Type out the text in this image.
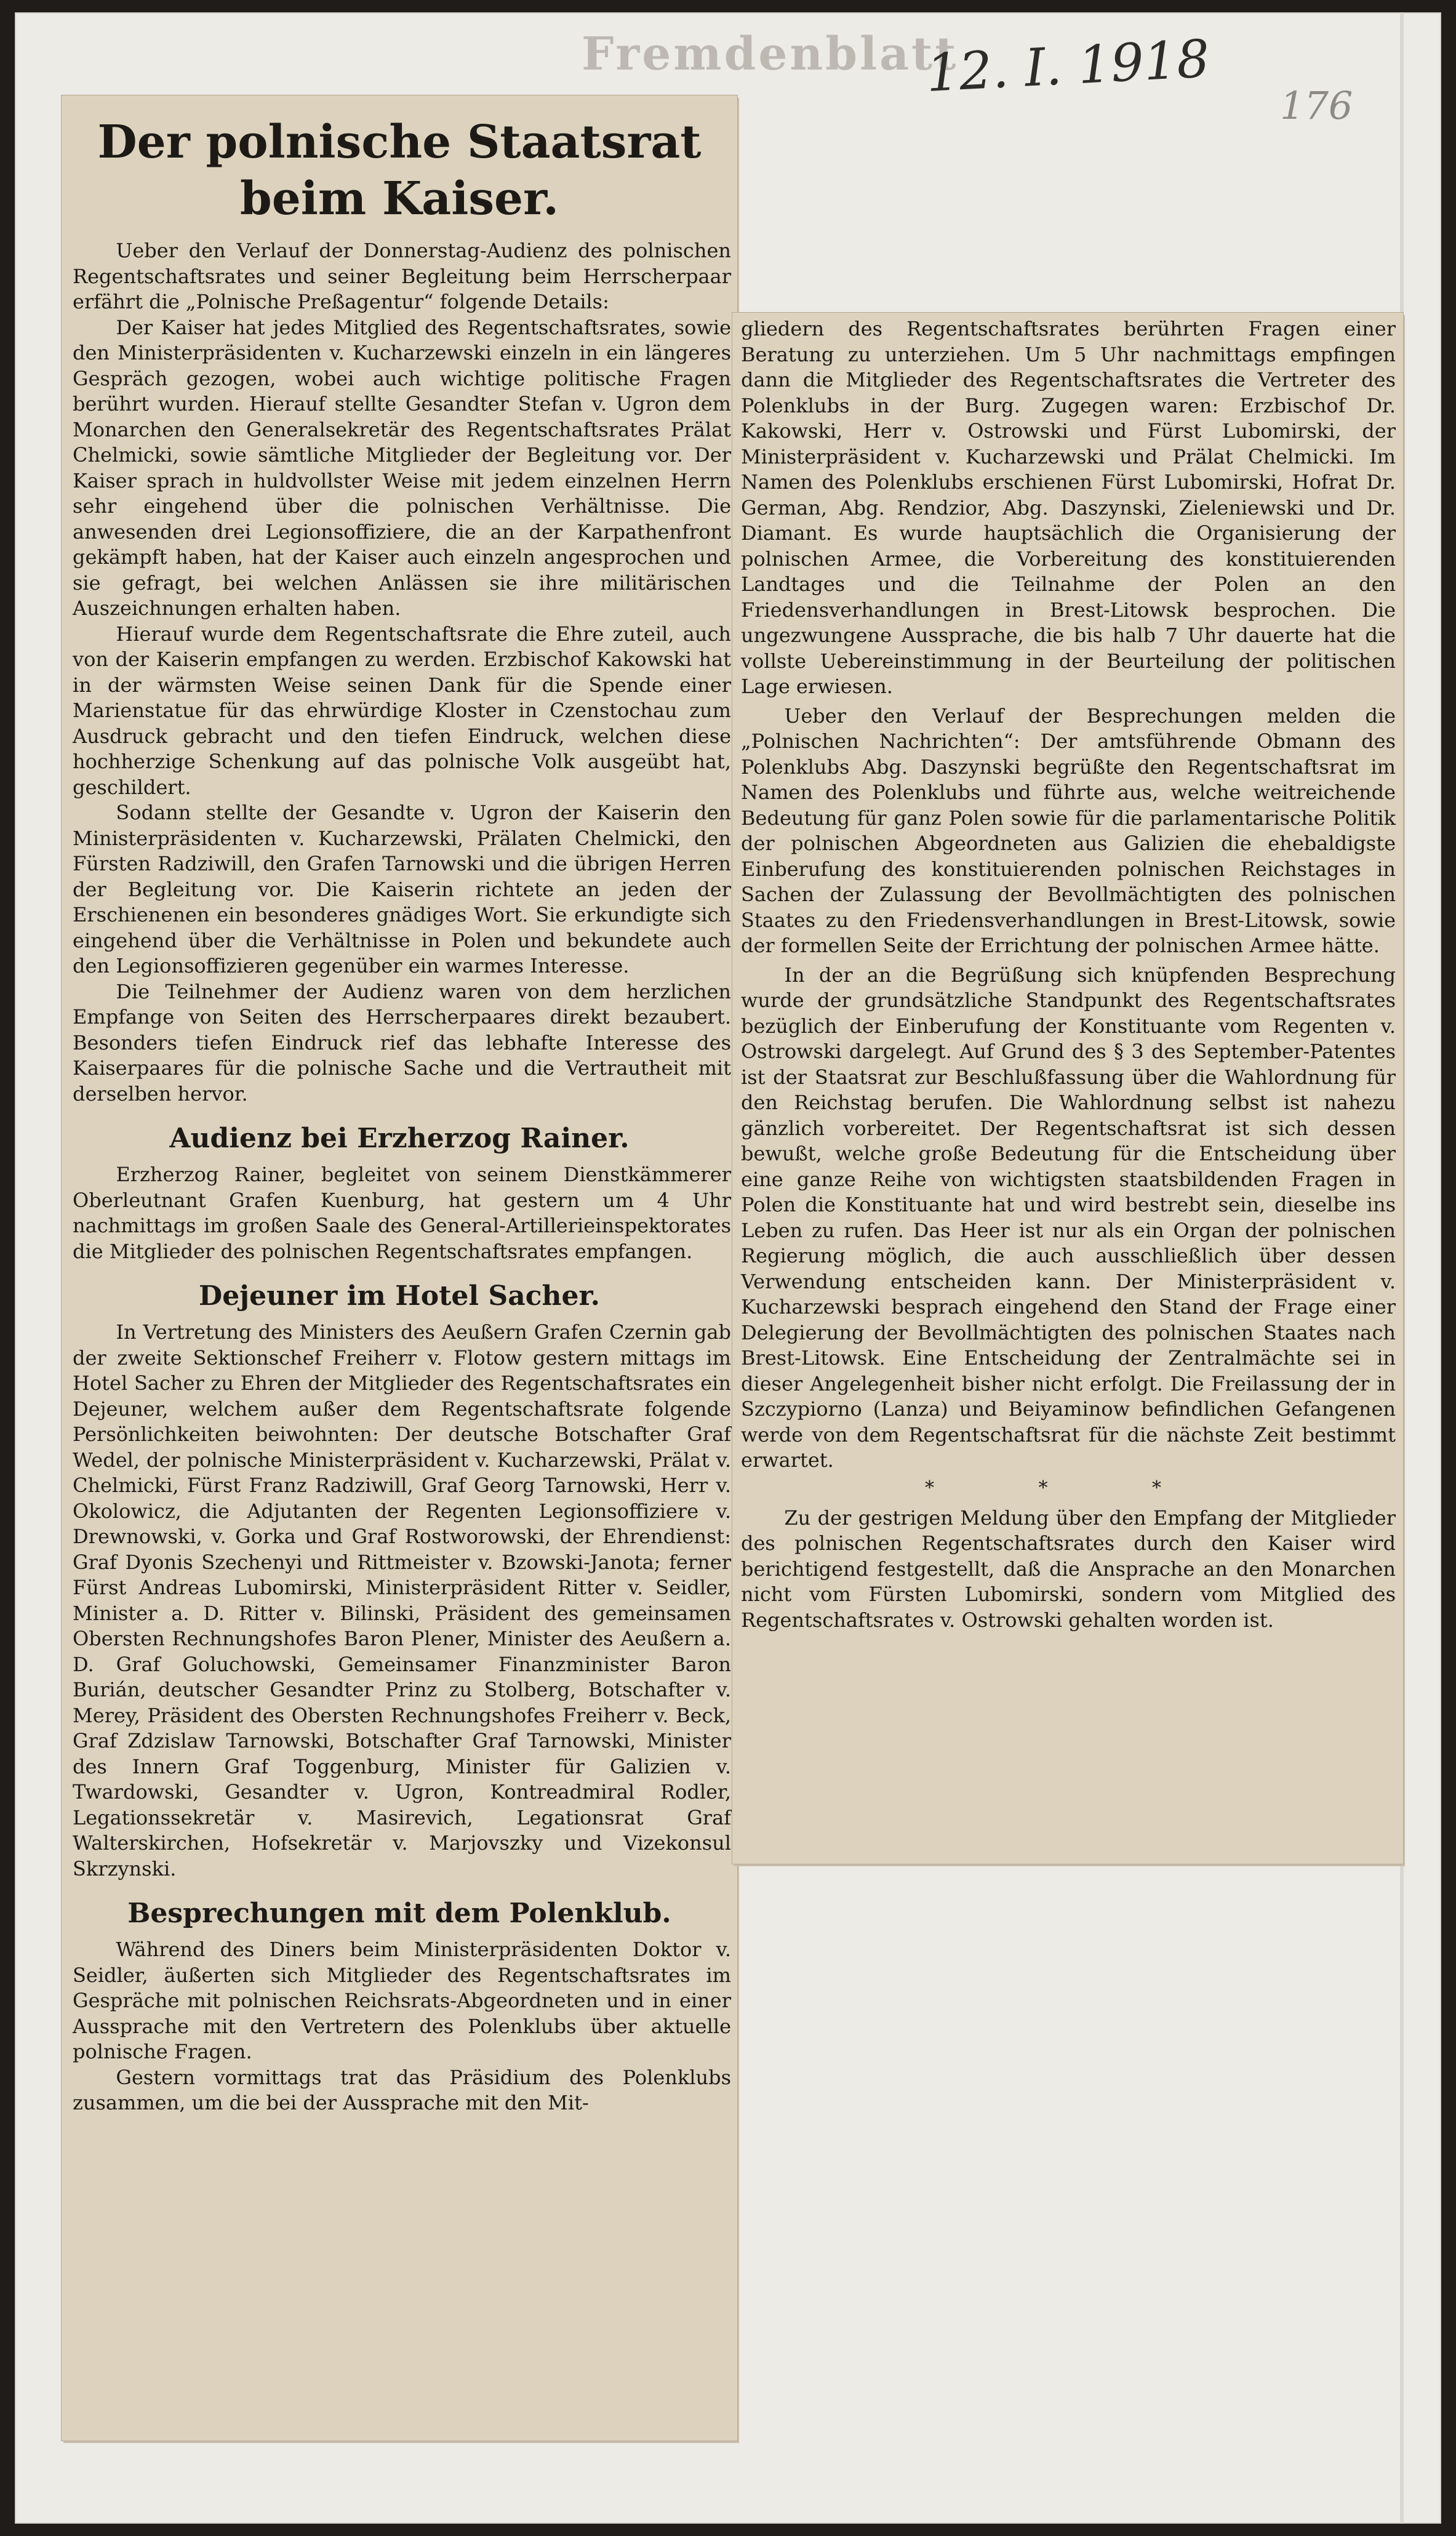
Fremdenblatt
12. I. 1918
176
Der polnische Staatsrat beim Kaiser.

Ueber den Verlauf der Donnerstag-Audienz des polnischen Regentschaftsrates und seiner Begleitung beim Herrscherpaar erfährt die „Polnische Preßagentur“ folgende Details:

Der Kaiser hat jedes Mitglied des Regentschaftsrates, sowie den Ministerpräsidenten v. Kucharzewski einzeln in ein längeres Gespräch gezogen, wobei auch wichtige politische Fragen berührt wurden. Hierauf stellte Gesandter Stefan v. Ugron dem Monarchen den Generalsekretär des Regentschaftsrates Prälat Chelmicki, sowie sämtliche Mitglieder der Begleitung vor. Der Kaiser sprach in huldvollster Weise mit jedem einzelnen Herrn sehr eingehend über die polnischen Verhältnisse. Die anwesenden drei Legionsoffiziere, die an der Karpathenfront gekämpft haben, hat der Kaiser auch einzeln angesprochen und sie gefragt, bei welchen Anlässen sie ihre militärischen Auszeichnungen erhalten haben.

Hierauf wurde dem Regentschaftsrate die Ehre zuteil, auch von der Kaiserin empfangen zu werden. Erzbischof Kakowski hat in der wärmsten Weise seinen Dank für die Spende einer Marienstatue für das ehrwürdige Kloster in Czenstochau zum Ausdruck gebracht und den tiefen Eindruck, welchen diese hochherzige Schenkung auf das polnische Volk ausgeübt hat, geschildert.

Sodann stellte der Gesandte v. Ugron der Kaiserin den Ministerpräsidenten v. Kucharzewski, Prälaten Chelmicki, den Fürsten Radziwill, den Grafen Tarnowski und die übrigen Herren der Begleitung vor. Die Kaiserin richtete an jeden der Erschienenen ein besonderes gnädiges Wort. Sie erkundigte sich eingehend über die Verhältnisse in Polen und bekundete auch den Legionsoffizieren gegenüber ein warmes Interesse.

Die Teilnehmer der Audienz waren von dem herzlichen Empfange von Seiten des Herrscherpaares direkt bezaubert. Besonders tiefen Eindruck rief das lebhafte Interesse des Kaiserpaares für die polnische Sache und die Vertrautheit mit derselben hervor.

Audienz bei Erzherzog Rainer.

Erzherzog Rainer, begleitet von seinem Dienstkämmerer Oberleutnant Grafen Kuenburg, hat gestern um 4 Uhr nachmittags im großen Saale des General-Artillerieinspektorates die Mitglieder des polnischen Regentschaftsrates empfangen.

Dejeuner im Hotel Sacher.

In Vertretung des Ministers des Aeußern Grafen Czernin gab der zweite Sektionschef Freiherr v. Flotow gestern mittags im Hotel Sacher zu Ehren der Mitglieder des Regentschaftsrates ein Dejeuner, welchem außer dem Regentschaftsrate folgende Persönlichkeiten beiwohnten: Der deutsche Botschafter Graf Wedel, der polnische Ministerpräsident v. Kucharzewski, Prälat v. Chelmicki, Fürst Franz Radziwill, Graf Georg Tarnowski, Herr v. Okolowicz, die Adjutanten der Regenten Legionsoffiziere v. Drewnowski, v. Gorka und Graf Rostworowski, der Ehrendienst: Graf Dyonis Szechenyi und Rittmeister v. Bzowski-Janota; ferner Fürst Andreas Lubomirski, Ministerpräsident Ritter v. Seidler, Minister a. D. Ritter v. Bilinski, Präsident des gemeinsamen Obersten Rechnungshofes Baron Plener, Minister des Aeußern a. D. Graf Goluchowski, Gemeinsamer Finanzminister Baron Burián, deutscher Gesandter Prinz zu Stolberg, Botschafter v. Merey, Präsident des Obersten Rechnungshofes Freiherr v. Beck, Graf Zdzislaw Tarnowski, Botschafter Graf Tarnowski, Minister des Innern Graf Toggenburg, Minister für Galizien v. Twardowski, Gesandter v. Ugron, Kontreadmiral Rodler, Legationssekretär v. Masirevich, Legationsrat Graf Walterskirchen, Hofsekretär v. Marjovszky und Vizekonsul Skrzynski.

Besprechungen mit dem Polenklub.

Während des Diners beim Ministerpräsidenten Doktor v. Seidler, äußerten sich Mitglieder des Regentschaftsrates im Gespräche mit polnischen Reichsrats-Abgeordneten und in einer Aussprache mit den Vertretern des Polenklubs über aktuelle polnische Fragen.

Gestern vormittags trat das Präsidium des Polenklubs zusammen, um die bei der Aussprache mit den Mit-

gliedern des Regentschaftsrates berührten Fragen einer Beratung zu unterziehen. Um 5 Uhr nachmittags empfingen dann die Mitglieder des Regentschaftsrates die Vertreter des Polenklubs in der Burg. Zugegen waren: Erzbischof Dr. Kakowski, Herr v. Ostrowski und Fürst Lubomirski, der Ministerpräsident v. Kucharzewski und Prälat Chelmicki. Im Namen des Polenklubs erschienen Fürst Lubomirski, Hofrat Dr. German, Abg. Rendzior, Abg. Daszynski, Zieleniewski und Dr. Diamant. Es wurde hauptsächlich die Organisierung der polnischen Armee, die Vorbereitung des konstituierenden Landtages und die Teilnahme der Polen an den Friedensverhandlungen in Brest-Litowsk besprochen. Die ungezwungene Aussprache, die bis halb 7 Uhr dauerte hat die vollste Uebereinstimmung in der Beurteilung der politischen Lage erwiesen.

Ueber den Verlauf der Besprechungen melden die „Polnischen Nachrichten“: Der amtsführende Obmann des Polenklubs Abg. Daszynski begrüßte den Regentschaftsrat im Namen des Polenklubs und führte aus, welche weitreichende Bedeutung für ganz Polen sowie für die parlamentarische Politik der polnischen Abgeordneten aus Galizien die ehebaldigste Einberufung des konstituierenden polnischen Reichstages in Sachen der Zulassung der Bevollmächtigten des polnischen Staates zu den Friedensverhandlungen in Brest-Litowsk, sowie der formellen Seite der Errichtung der polnischen Armee hätte.

In der an die Begrüßung sich knüpfenden Besprechung wurde der grundsätzliche Standpunkt des Regentschaftsrates bezüglich der Einberufung der Konstituante vom Regenten v. Ostrowski dargelegt. Auf Grund des § 3 des September-Patentes ist der Staatsrat zur Beschlußfassung über die Wahlordnung für den Reichstag berufen. Die Wahlordnung selbst ist nahezu gänzlich vorbereitet. Der Regentschaftsrat ist sich dessen bewußt, welche große Bedeutung für die Entscheidung über eine ganze Reihe von wichtigsten staatsbildenden Fragen in Polen die Konstituante hat und wird bestrebt sein, dieselbe ins Leben zu rufen. Das Heer ist nur als ein Organ der polnischen Regierung möglich, die auch ausschließlich über dessen Verwendung entscheiden kann. Der Ministerpräsident v. Kucharzewski besprach eingehend den Stand der Frage einer Delegierung der Bevollmächtigten des polnischen Staates nach Brest-Litowsk. Eine Entscheidung der Zentralmächte sei in dieser Angelegenheit bisher nicht erfolgt. Die Freilassung der in Szczypiorno (Lanza) und Beiyaminow befindlichen Gefangenen werde von dem Regentschaftsrat für die nächste Zeit bestimmt erwartet.

* * *

Zu der gestrigen Meldung über den Empfang der Mitglieder des polnischen Regentschaftsrates durch den Kaiser wird berichtigend festgestellt, daß die Ansprache an den Monarchen nicht vom Fürsten Lubomirski, sondern vom Mitglied des Regentschaftsrates v. Ostrowski gehalten worden ist.
